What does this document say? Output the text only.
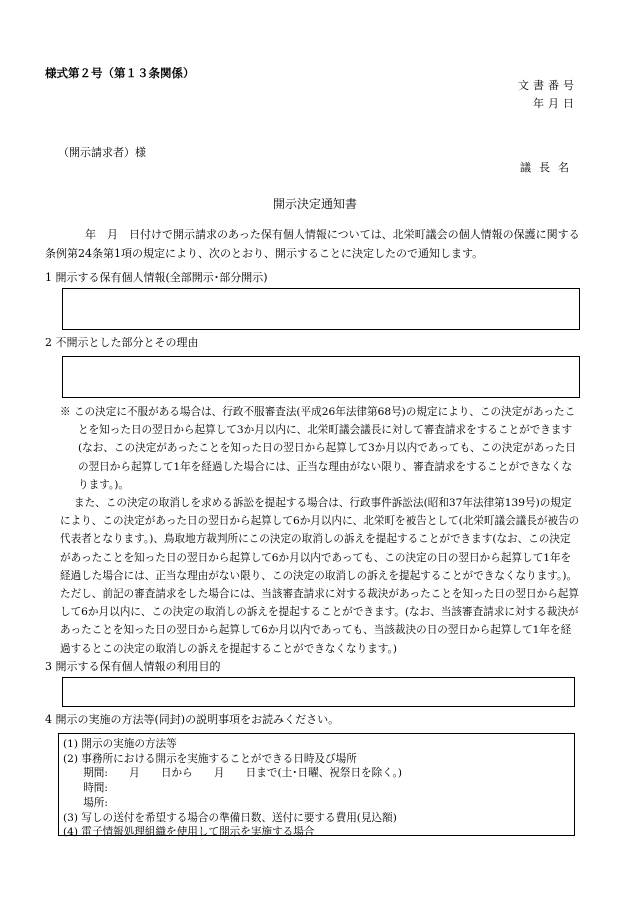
様式第２号（第１３条関係）
文書番号
年月日
（開示請求者）様
議長名
開示決定通知書
年　月　日付けで開示請求のあった保有個人情報については、北栄町議会の個人情報の保護に関する条例第24条第1項の規定により、次のとおり、開示することに決定したので通知します。
1 開示する保有個人情報(全部開示･部分開示)
2 不開示とした部分とその理由

※ この決定に不服がある場合は、行政不服審査法(平成26年法律第68号)の規定により、この決定があったことを知った日の翌日から起算して3か月以内に、北栄町議会議長に対して審査請求をすることができます(なお、この決定があったことを知った日の翌日から起算して3か月以内であっても、この決定があった日の翌日から起算して1年を経過した場合には、正当な理由がない限り、審査請求をすることができなくなります。)。

また、この決定の取消しを求める訴訟を提起する場合は、行政事件訴訟法(昭和37年法律第139号)の規定により、この決定があった日の翌日から起算して6か月以内に、北栄町を被告として(北栄町議会議長が被告の代表者となります。)、鳥取地方裁判所にこの決定の取消しの訴えを提起することができます(なお、この決定があったことを知った日の翌日から起算して6か月以内であっても、この決定の日の翌日から起算して1年を経過した場合には、正当な理由がない限り、この決定の取消しの訴えを提起することができなくなります。)。ただし、前記の審査請求をした場合には、当該審査請求に対する裁決があったことを知った日の翌日から起算して6か月以内に、この決定の取消しの訴えを提起することができます。(なお、当該審査請求に対する裁決があったことを知った日の翌日から起算して6か月以内であっても、当該裁決の日の翌日から起算して1年を経過するとこの決定の取消しの訴えを提起することができなくなります。)

3 開示する保有個人情報の利用目的
4 開示の実施の方法等(同封)の説明事項をお読みください。
(1) 開示の実施の方法等
(2) 事務所における開示を実施することができる日時及び場所
期間:　　月　　日から　　月　　日まで(土･日曜、祝祭日を除く。)
時間:
場所:
(3) 写しの送付を希望する場合の準備日数、送付に要する費用(見込額)
(4) 電子情報処理組織を使用して開示を実施する場合
